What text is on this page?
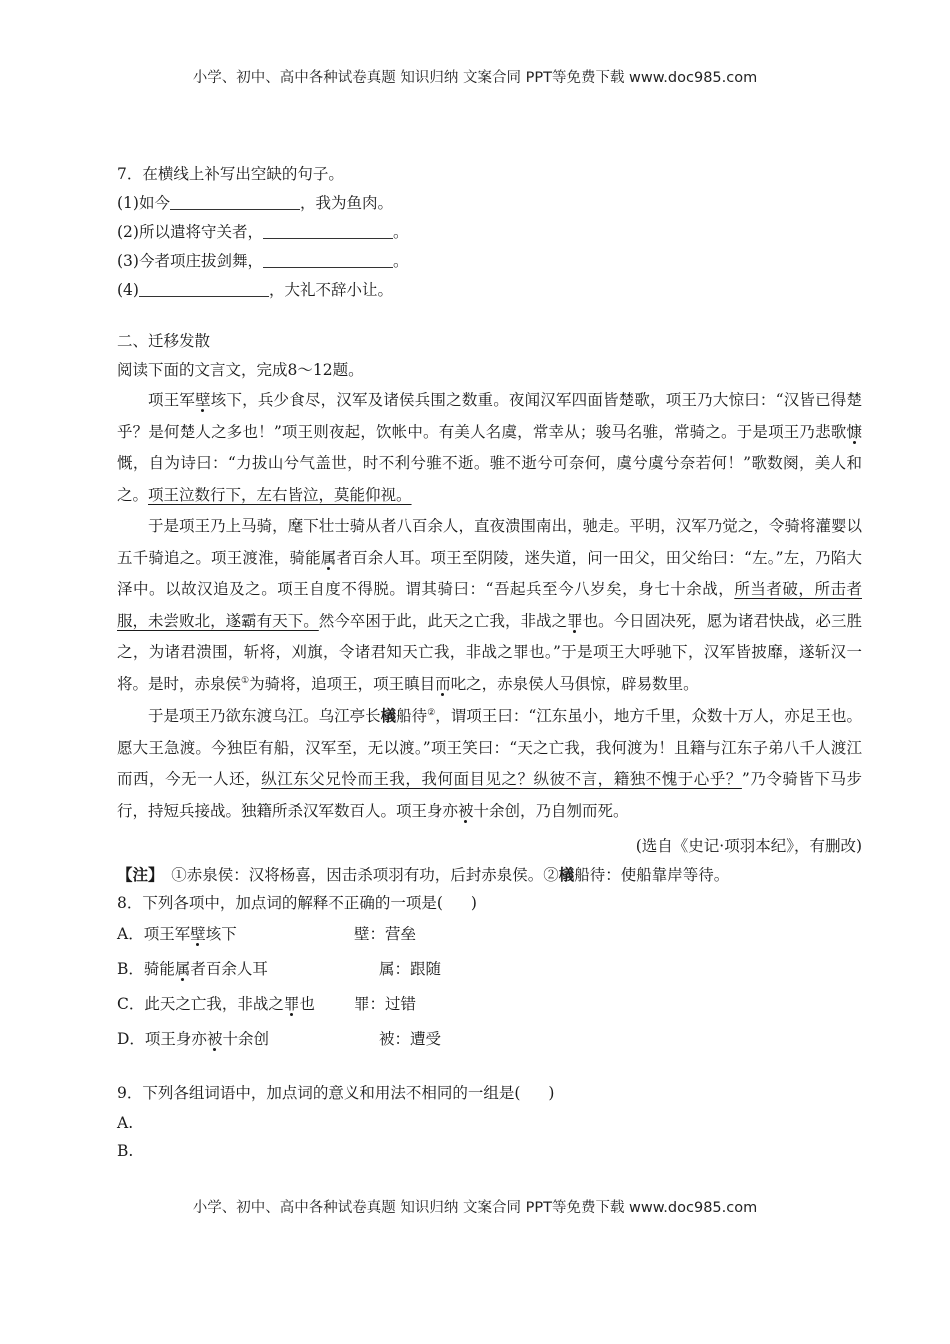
小学、初中、高中各种试卷真题 知识归纳 文案合同 PPT等免费下载 www.doc985.com
7．在横线上补写出空缺的句子。
(1)如今	，我为鱼肉。
(2)所以遣将守关者，	。
(3)今者项庄拔剑舞，	。
(4)	，大礼不辞小让。
二、迁移发散
阅读下面的文言文，完成8～12题。

项王军壁垓下，兵少食尽，汉军及诸侯兵围之数重。夜闻汉军四面皆楚歌，项王乃大惊曰：“汉皆已得楚乎？是何楚人之多也！”项王则夜起，饮帐中。有美人名虞，常幸从；骏马名骓，常骑之。于是项王乃悲歌慷慨，自为诗曰：“力拔山兮气盖世，时不利兮骓不逝。骓不逝兮可奈何，虞兮虞兮奈若何！”歌数阕，美人和之。项王泣数行下，左右皆泣，莫能仰视。

于是项王乃上马骑，麾下壮士骑从者八百余人，直夜溃围南出，驰走。平明，汉军乃觉之，令骑将灌婴以五千骑追之。项王渡淮，骑能属者百余人耳。项王至阴陵，迷失道，问一田父，田父绐曰：“左。”左，乃陷大泽中。以故汉追及之。项王自度不得脱。谓其骑曰：“吾起兵至今八岁矣，身七十余战，所当者破，所击者服，未尝败北，遂霸有天下。然今卒困于此，此天之亡我，非战之罪也。今日固决死，愿为诸君快战，必三胜之，为诸君溃围，斩将，刈旗，令诸君知天亡我，非战之罪也。”于是项王大呼驰下，汉军皆披靡，遂斩汉一将。是时，赤泉侯①为骑将，追项王，项王瞋目而叱之，赤泉侯人马俱惊，辟易数里。

于是项王乃欲东渡乌江。乌江亭长檥船待②，谓项王曰：“江东虽小，地方千里，众数十万人，亦足王也。愿大王急渡。今独臣有船，汉军至，无以渡。”项王笑曰：“天之亡我，我何渡为！且籍与江东子弟八千人渡江而西，今无一人还，纵江东父兄怜而王我，我何面目见之？纵彼不言，籍独不愧于心乎？”乃令骑皆下马步行，持短兵接战。独籍所杀汉军数百人。项王身亦被十余创，乃自刎而死。

(选自《史记·项羽本纪》，有删改)
【注】　①赤泉侯：汉将杨喜，因击杀项羽有功，后封赤泉侯。②檥船待：使船靠岸等待。
8．下列各项中，加点词的解释不正确的一项是( )
A．项王军壁垓下	壁：营垒
B．骑能属者百余人耳	属：跟随
C．此天之亡我，非战之罪也	罪：过错
D．项王身亦被十余创	被：遭受
9．下列各组词语中，加点词的意义和用法不相同的一组是( )
A.
B.
小学、初中、高中各种试卷真题 知识归纳 文案合同 PPT等免费下载 www.doc985.com
